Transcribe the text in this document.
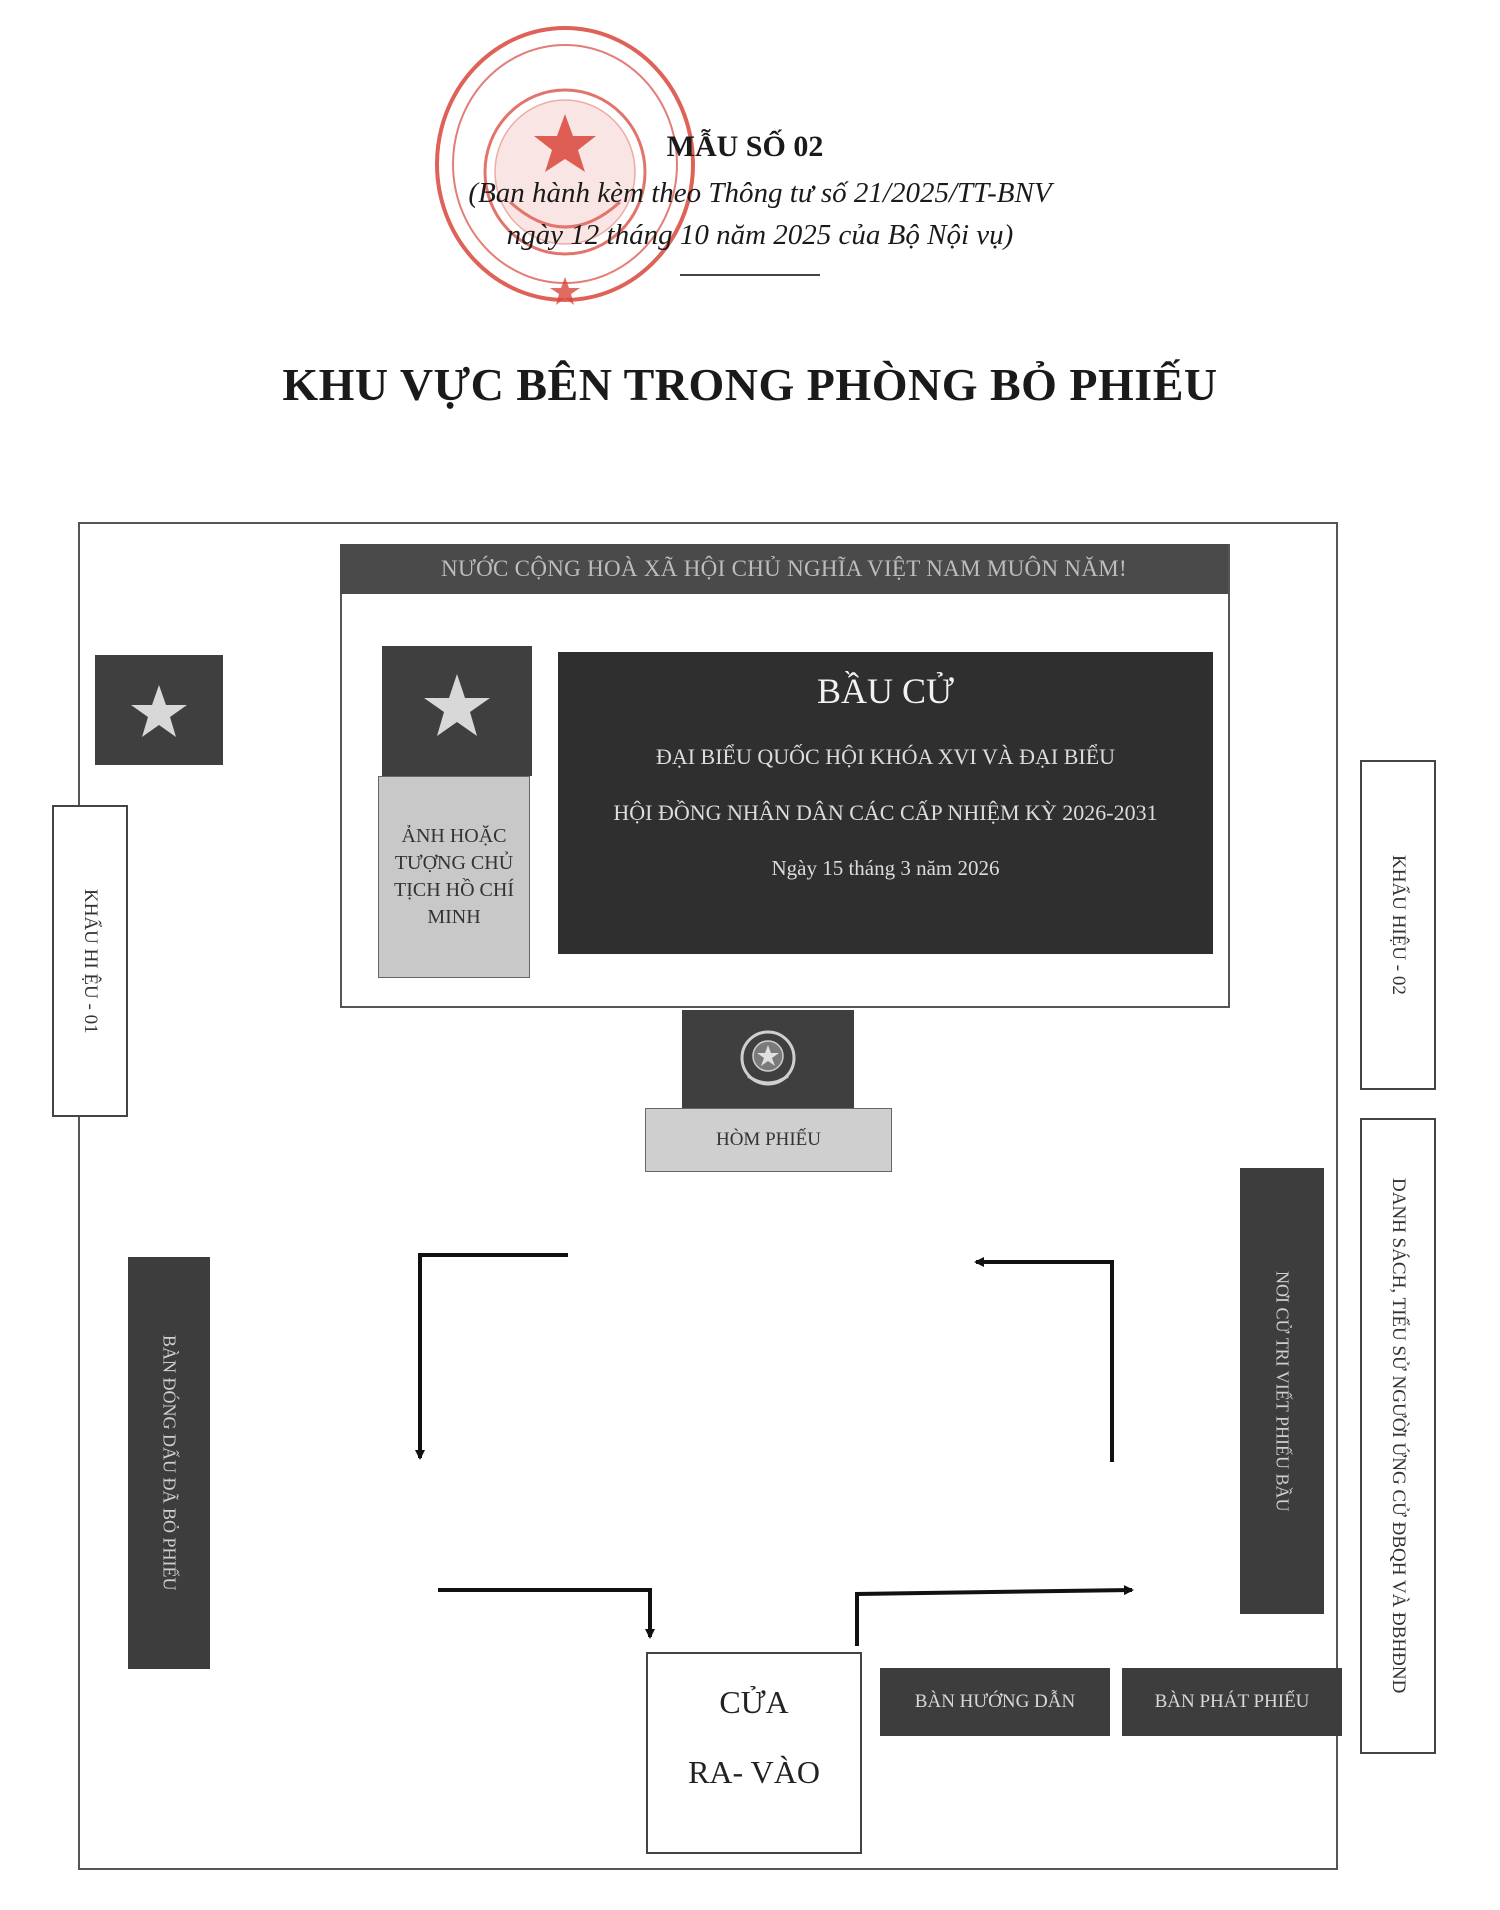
MẪU SỐ 02
(Ban hành kèm theo Thông tư số 21/2025/TT-BNV
ngày 12 tháng 10 năm 2025 của Bộ Nội vụ)
KHU VỰC BÊN TRONG PHÒNG BỎ PHIẾU
NƯỚC CỘNG HOÀ XÃ HỘI CHỦ NGHĨA VIỆT NAM MUÔN NĂM!
ẢNH HOẶC TƯỢNG CHỦ TỊCH HỒ CHÍ MINH
BẦU CỬ
ĐẠI BIỂU QUỐC HỘI KHÓA XVI VÀ ĐẠI BIỂU
HỘI ĐỒNG NHÂN DÂN CÁC CẤP NHIỆM KỲ 2026-2031
Ngày 15 tháng 3 năm 2026
HÒM PHIẾU
KHẨU HI ỆU - 01	KHẨU HIỆU - 02
DANH SÁCH, TIỂU SỬ NGƯỜI ỨNG CỬ ĐBQH VÀ ĐBHĐND
BÀN ĐÓNG DẤU ĐÃ BỎ PHIẾU	NƠI CỬ TRI VIẾT PHIẾU BẦU
BÀN HƯỚNG DẪN	BÀN PHÁT PHIẾU
CỬA
RA- VÀO
